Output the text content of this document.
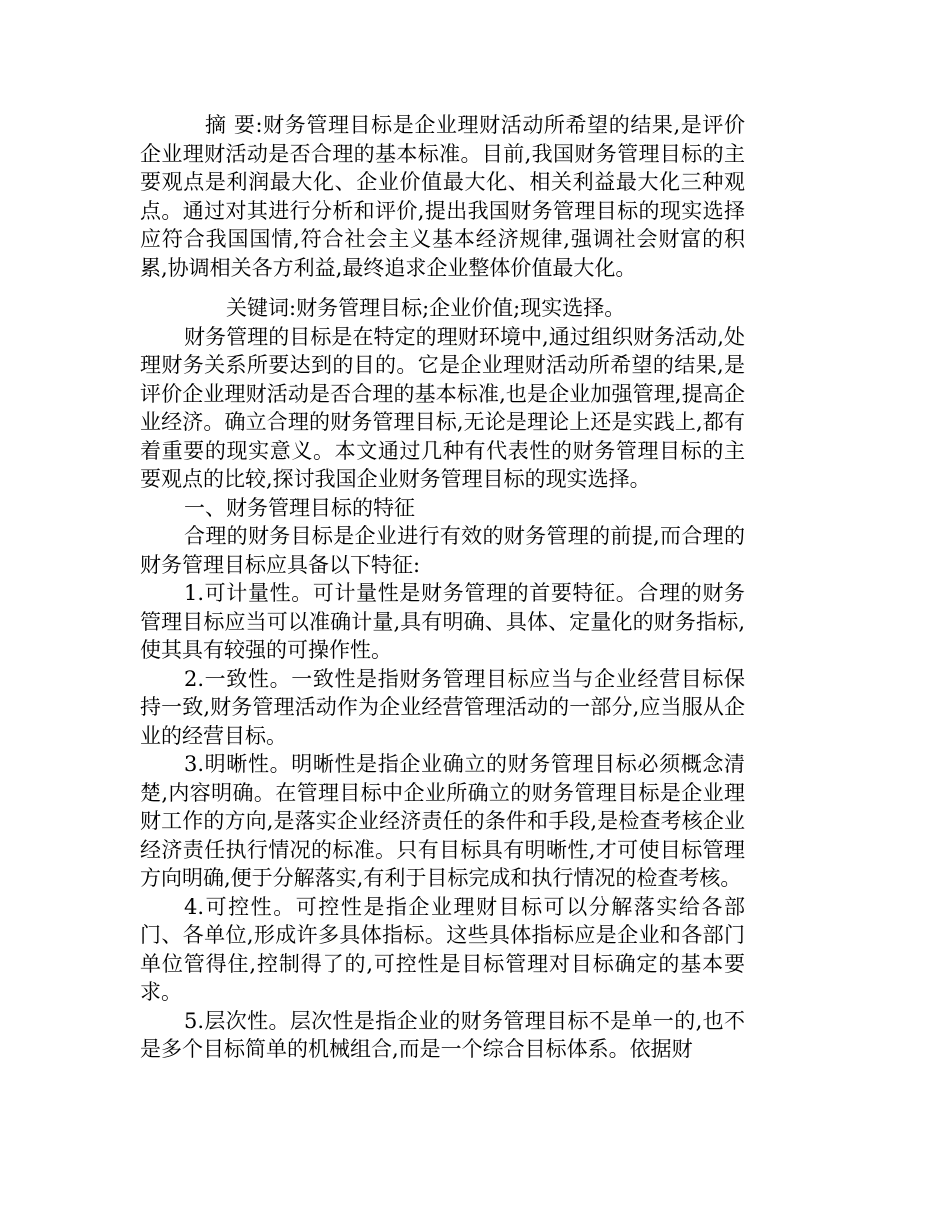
摘 要:财务管理目标是企业理财活动所希望的结果,是评价企业理财活动是否合理的基本标准。目前,我国财务管理目标的主要观点是利润最大化、企业价值最大化、相关利益最大化三种观点。通过对其进行分析和评价,提出我国财务管理目标的现实选择应符合我国国情,符合社会主义基本经济规律,强调社会财富的积累,协调相关各方利益,最终追求企业整体价值最大化。

关键词:财务管理目标;企业价值;现实选择。

财务管理的目标是在特定的理财环境中,通过组织财务活动,处理财务关系所要达到的目的。它是企业理财活动所希望的结果,是评价企业理财活动是否合理的基本标准,也是企业加强管理,提高企业经济。确立合理的财务管理目标,无论是理论上还是实践上,都有着重要的现实意义。本文通过几种有代表性的财务管理目标的主要观点的比较,探讨我国企业财务管理目标的现实选择。

一、财务管理目标的特征

合理的财务目标是企业进行有效的财务管理的前提,而合理的财务管理目标应具备以下特征:

1.可计量性。可计量性是财务管理的首要特征。合理的财务管理目标应当可以准确计量,具有明确、具体、定量化的财务指标,使其具有较强的可操作性。

2.一致性。一致性是指财务管理目标应当与企业经营目标保持一致,财务管理活动作为企业经营管理活动的一部分,应当服从企业的经营目标。

3.明晰性。明晰性是指企业确立的财务管理目标必须概念清楚,内容明确。在管理目标中企业所确立的财务管理目标是企业理财工作的方向,是落实企业经济责任的条件和手段,是检查考核企业经济责任执行情况的标准。只有目标具有明晰性,才可使目标管理方向明确,便于分解落实,有利于目标完成和执行情况的检查考核。

4.可控性。可控性是指企业理财目标可以分解落实给各部门、各单位,形成许多具体指标。这些具体指标应是企业和各部门单位管得住,控制得了的,可控性是目标管理对目标确定的基本要求。

5.层次性。层次性是指企业的财务管理目标不是单一的,也不是多个目标简单的机械组合,而是一个综合目标体系。依据财
